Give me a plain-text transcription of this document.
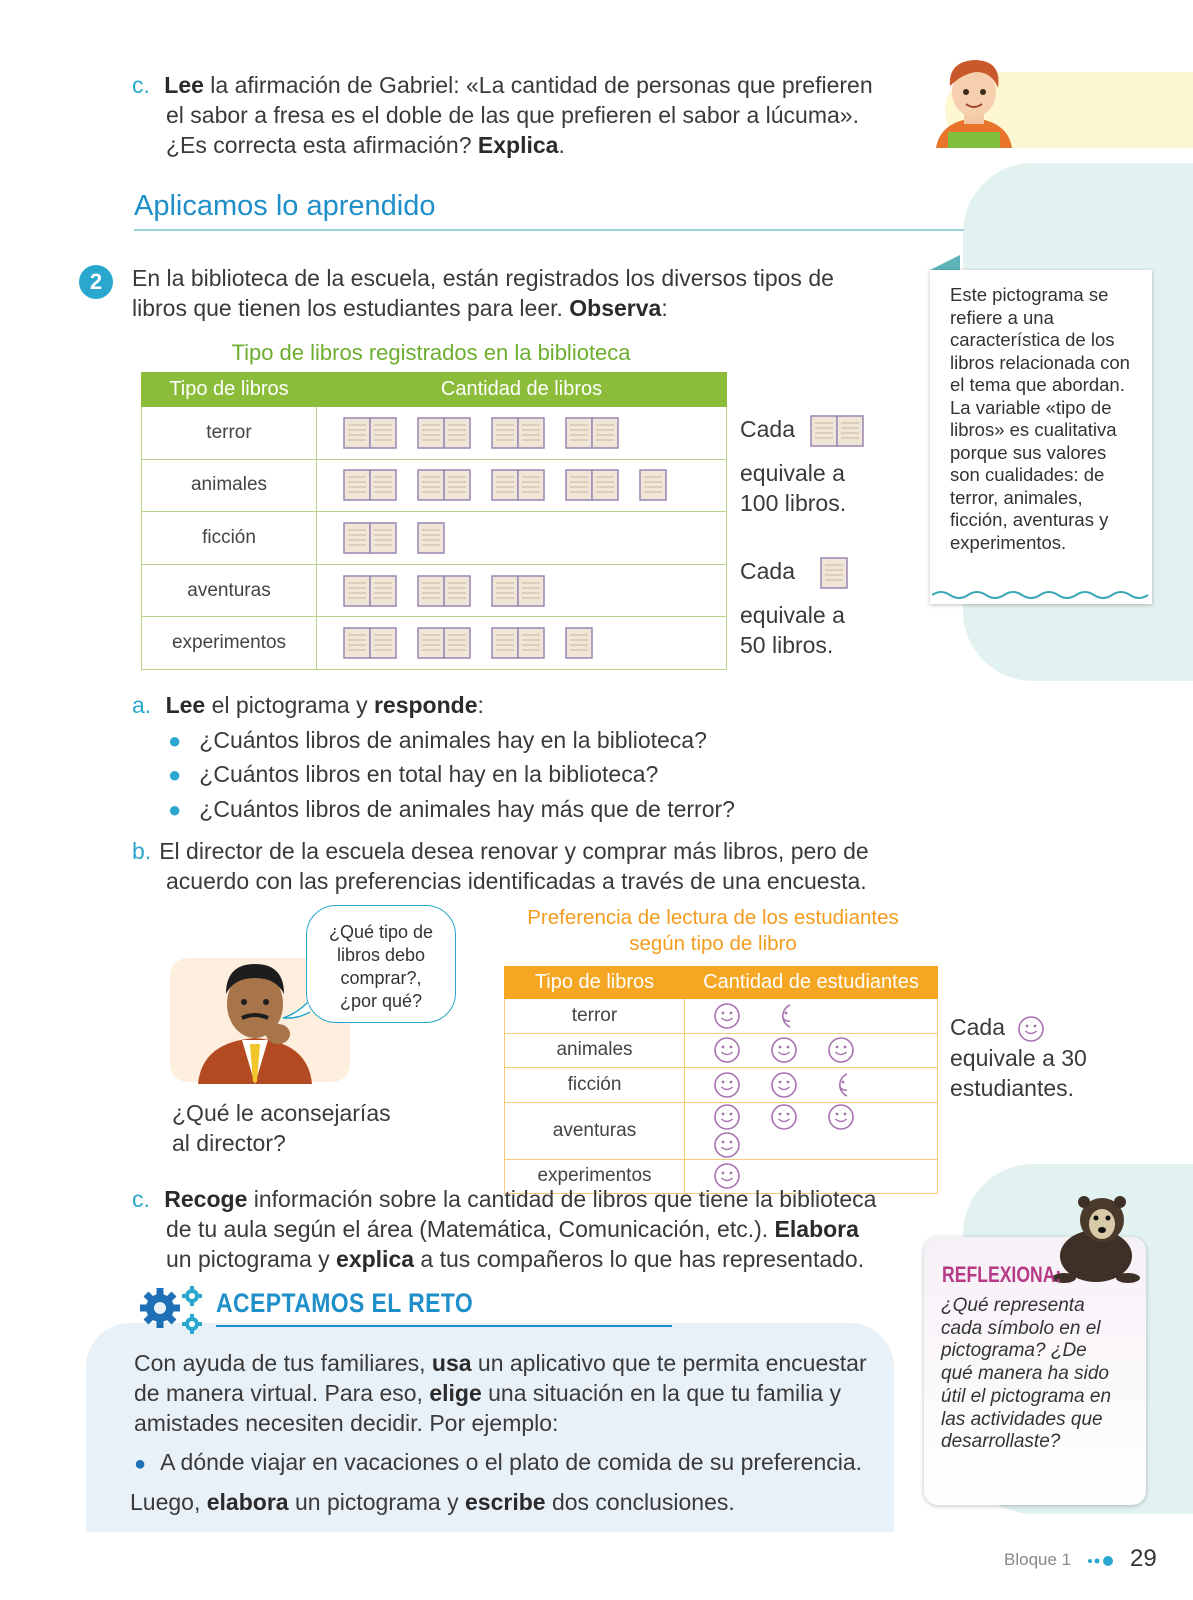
c. Lee la afirmación de Gabriel: «La cantidad de personas que prefieren
el sabor a fresa es el doble de las que prefieren el sabor a lúcuma».
¿Es correcta esta afirmación? Explica.
Aplicamos lo aprendido
2	En la biblioteca de la escuela, están registrados los diversos tipos de
libros que tienen los estudiantes para leer. Observa:
Este pictograma se refiere a una característica de los libros relacionada con el tema que abordan. La variable «tipo de libros» es cualitativa porque sus valores son cualidades: de terror, animales, ficción, aventuras y experimentos.
Tipo de libros registrados en la biblioteca
Tipo de libros	Cantidad de libros
terror	
animales	
ficción	
aventuras	
experimentos	
Cada
equivale a
100 libros.
Cada
equivale a
50 libros.
a. Lee el pictograma y responde:
● ¿Cuántos libros de animales hay en la biblioteca?
● ¿Cuántos libros en total hay en la biblioteca?
● ¿Cuántos libros de animales hay más que de terror?
b. El director de la escuela desea renovar y comprar más libros, pero de
acuerdo con las preferencias identificadas a través de una encuesta.
¿Qué tipo de
libros debo
comprar?,
¿por qué?
¿Qué le aconsejarías
al director?
Preferencia de lectura de los estudiantes
según tipo de libro
Tipo de libros	Cantidad de estudiantes
terror	
animales	
ficción	
aventuras	
experimentos	
Cada
equivale a 30
estudiantes.
c. Recoge información sobre la cantidad de libros que tiene la biblioteca
de tu aula según el área (Matemática, Comunicación, etc.). Elabora
un pictograma y explica a tus compañeros lo que has representado.
ACEPTAMOS EL RETO
Con ayuda de tus familiares, usa un aplicativo que te permita encuestar
de manera virtual. Para eso, elige una situación en la que tu familia y
amistades necesiten decidir. Por ejemplo:
● A dónde viajar en vacaciones o el plato de comida de su preferencia.
Luego, elabora un pictograma y escribe dos conclusiones.
REFLEXIONA:
¿Qué representa cada símbolo en el pictograma? ¿De qué manera ha sido útil el pictograma en las actividades que desarrollaste?
Bloque 1	29
